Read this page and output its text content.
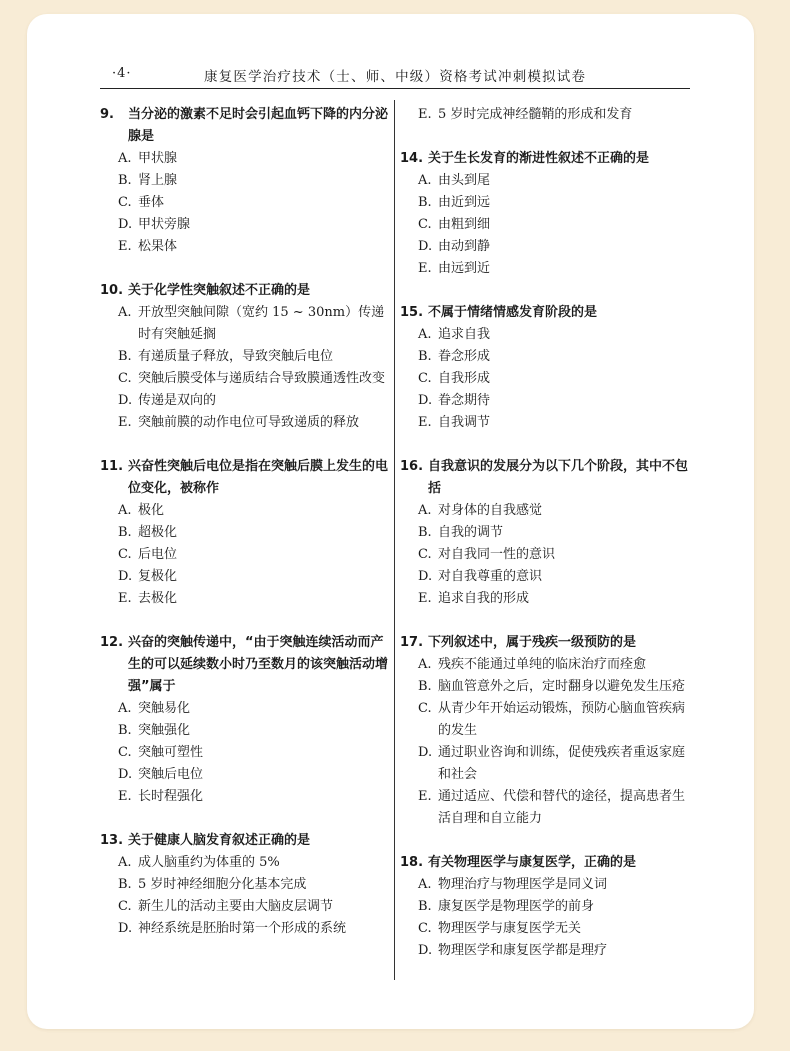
·4·	康复医学治疗技术（士、师、中级）资格考试冲刺模拟试卷
9.	当分泌的激素不足时会引起血钙下降的内分泌腺是
A. 甲状腺
B. 肾上腺
C. 垂体
D. 甲状旁腺
E. 松果体
10. 关于化学性突触叙述不正确的是
A. 开放型突触间隙（宽约 15 ~ 30nm）传递时有突触延搁
B. 有递质量子释放，导致突触后电位
C. 突触后膜受体与递质结合导致膜通透性改变
D. 传递是双向的
E. 突触前膜的动作电位可导致递质的释放
11. 兴奋性突触后电位是指在突触后膜上发生的电位变化，被称作
A. 极化
B. 超极化
C. 后电位
D. 复极化
E. 去极化
12. 兴奋的突触传递中，“由于突触连续活动而产生的可以延续数小时乃至数月的该突触活动增强”属于
A. 突触易化
B. 突触强化
C. 突触可塑性
D. 突触后电位
E. 长时程强化
13. 关于健康人脑发育叙述正确的是
A. 成人脑重约为体重的 5%
B. 5 岁时神经细胞分化基本完成
C. 新生儿的活动主要由大脑皮层调节
D. 神经系统是胚胎时第一个形成的系统
E. 5 岁时完成神经髓鞘的形成和发育
14. 关于生长发育的渐进性叙述不正确的是
A. 由头到尾
B. 由近到远
C. 由粗到细
D. 由动到静
E. 由远到近
15. 不属于情绪情感发育阶段的是
A. 追求自我
B. 眷念形成
C. 自我形成
D. 眷念期待
E. 自我调节
16. 自我意识的发展分为以下几个阶段，其中不包括
A. 对身体的自我感觉
B. 自我的调节
C. 对自我同一性的意识
D. 对自我尊重的意识
E. 追求自我的形成
17. 下列叙述中，属于残疾一级预防的是
A. 残疾不能通过单纯的临床治疗而痊愈
B. 脑血管意外之后，定时翻身以避免发生压疮
C. 从青少年开始运动锻炼，预防心脑血管疾病的发生
D. 通过职业咨询和训练，促使残疾者重返家庭和社会
E. 通过适应、代偿和替代的途径，提高患者生活自理和自立能力
18. 有关物理医学与康复医学，正确的是
A. 物理治疗与物理医学是同义词
B. 康复医学是物理医学的前身
C. 物理医学与康复医学无关
D. 物理医学和康复医学都是理疗
